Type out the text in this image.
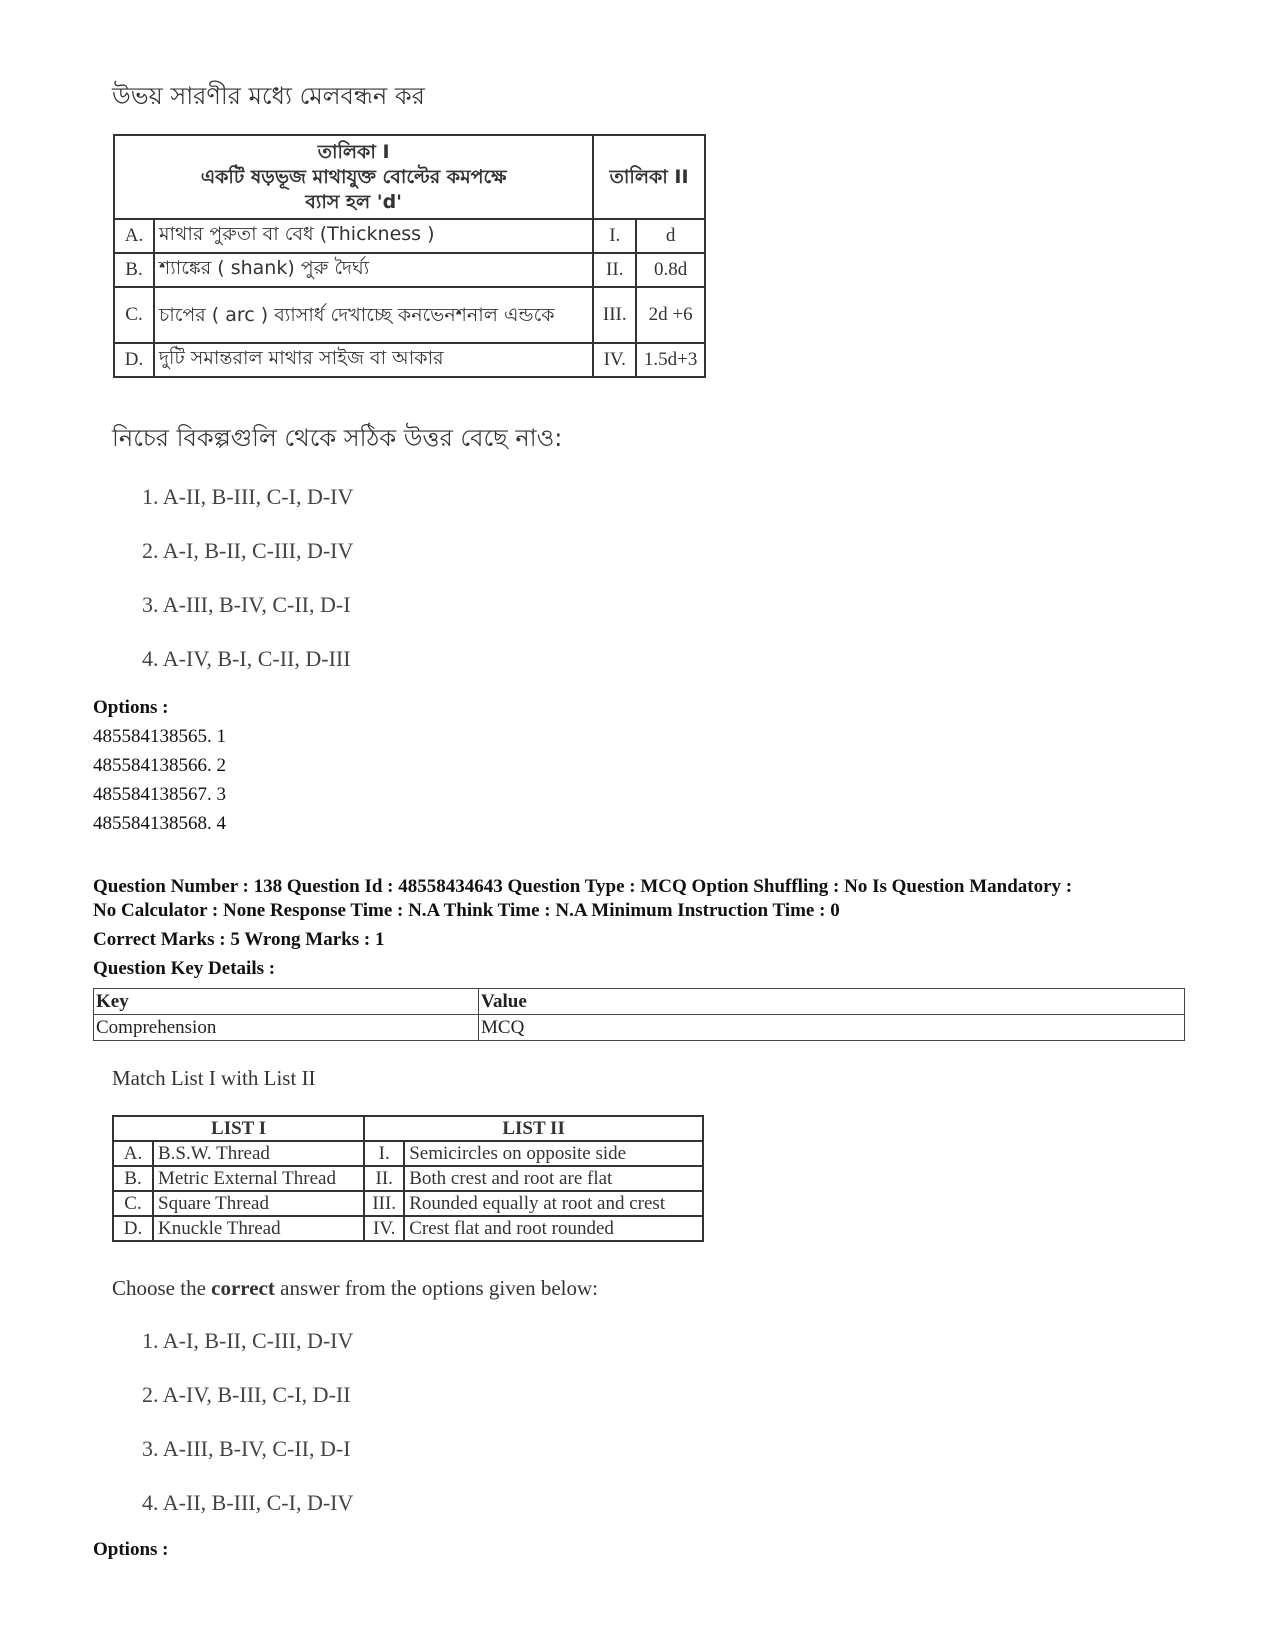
উভয় সারণীর মধ্যে মেলবন্ধন কর
তালিকা I
একটি ষড়ভূজ মাথাযুক্ত বোল্টের কমপক্ষে
ব্যাস হল 'd'		তালিকা II	
A.	মাথার পুরুতা বা বেধ (Thickness )	I.	d
B.	শ্যাঙ্কের ( shank) পুরু দৈর্ঘ্য	II.	0.8d
C.	চাপের ( arc ) ব্যাসার্ধ দেখাচ্ছে কনভেনশনাল এন্ডকে	III.	2d +6
D.	দুটি সমান্তরাল মাথার সাইজ বা আকার	IV.	1.5d+3
নিচের বিকল্পগুলি থেকে সঠিক উত্তর বেছে নাও:
1. A-II, B-III, C-I, D-IV
2. A-I, B-II, C-III, D-IV
3. A-III, B-IV, C-II, D-I
4. A-IV, B-I, C-II, D-III
Options :
485584138565. 1
485584138566. 2
485584138567. 3
485584138568. 4
Question Number : 138 Question Id : 48558434643 Question Type : MCQ Option Shuffling : No Is Question Mandatory :
No Calculator : None Response Time : N.A Think Time : N.A Minimum Instruction Time : 0
Correct Marks : 5 Wrong Marks : 1
Question Key Details :
Key	Value
Comprehension	MCQ
Match List I with List II
LIST I		LIST II	
A.	B.S.W. Thread	I.	Semicircles on opposite side
B.	Metric External Thread	II.	Both crest and root are flat
C.	Square Thread	III.	Rounded equally at root and crest
D.	Knuckle Thread	IV.	Crest flat and root rounded
Choose the correct answer from the options given below:
1. A-I, B-II, C-III, D-IV
2. A-IV, B-III, C-I, D-II
3. A-III, B-IV, C-II, D-I
4. A-II, B-III, C-I, D-IV
Options :
